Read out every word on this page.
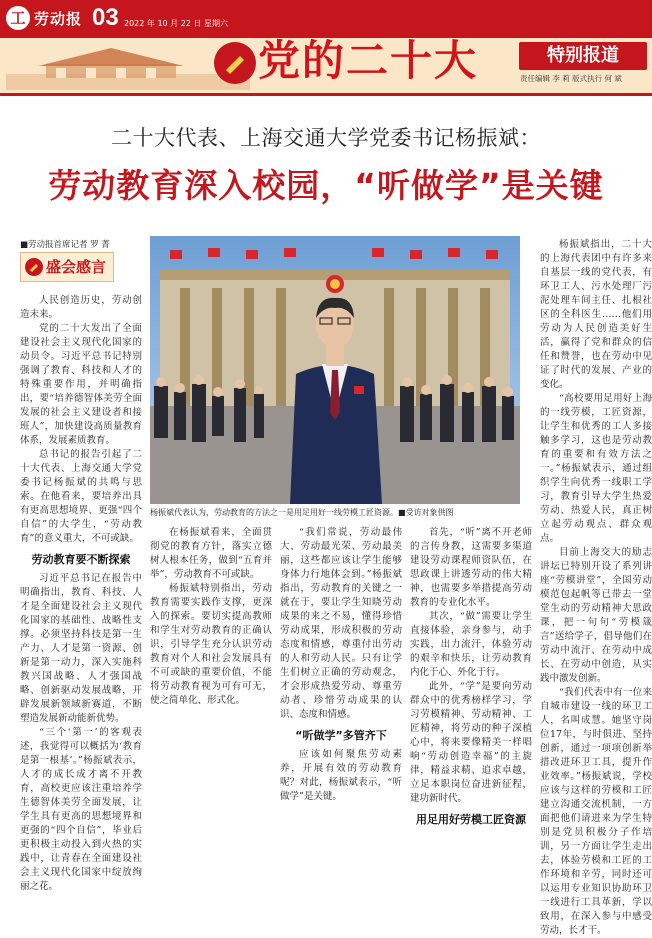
工 劳动报 03 2022 年 10 月 22 日 星期六
党的二十大	特别报道
责任编辑 李 莉 版式执行 何 斌
二十大代表、上海交通大学党委书记杨振斌：
劳动教育深入校园，“听做学”是关键
■劳动报首席记者 罗 菁
盛会感言

人民创造历史，劳动创造未来。

党的二十大发出了全面建设社会主义现代化国家的动员令。习近平总书记特别强调了教育、科技和人才的特殊重要作用，并明确指出，要“培养德智体美劳全面发展的社会主义建设者和接班人”，加快建设高质量教育体系，发展素质教育。

总书记的报告引起了二十大代表、上海交通大学党委书记杨振斌的共鸣与思索。在他看来，要培养出具有更高思想境界、更强“四个自信”的大学生，“劳动教育”的意义重大，不可或缺。

劳动教育要不断探索

习近平总书记在报告中明确指出，教育、科技、人才是全面建设社会主义现代化国家的基础性、战略性支撑。必须坚持科技是第一生产力、人才是第一资源、创新是第一动力，深入实施科教兴国战略、人才强国战略、创新驱动发展战略，开辟发展新领域新赛道，不断塑造发展新动能新优势。

“三个‘第一’的客观表述，我觉得可以概括为‘教育是第一根基’。”杨振斌表示，人才的成长成才离不开教育，高校更应该注重培养学生德智体美劳全面发展，让学生具有更高的思想境界和更强的“四个自信”，毕业后更积极主动投入到火热的实践中，让青春在全面建设社会主义现代化国家中绽放绚丽之花。

杨振斌代表认为，劳动教育的方法之一是用足用好一线劳模工匠资源。■受访对象供图

在杨振斌看来，全面贯彻党的教育方针，落实立德树人根本任务，做到“五育并举”，劳动教育不可或缺。

杨振斌特别指出，劳动教育需要实践作支撑，更深入的探索。要切实提高教师和学生对劳动教育的正确认识，引导学生充分认识劳动教育对个人和社会发展具有不可或缺的重要价值，不能将劳动教育视为可有可无，使之简单化、形式化。

“我们常说，劳动最伟大、劳动最光荣、劳动最美丽，这些都应该让学生能够身体力行地体会到。”杨振斌指出，劳动教育的关键之一就在于，要让学生知晓劳动成果的来之不易，懂得珍惜劳动成果，形成积极的劳动态度和情感，尊重付出劳动的人和劳动人民。只有让学生们树立正确的劳动观念，才会形成热爱劳动、尊重劳动者、珍惜劳动成果的认识、态度和情感。

“听做学”多管齐下

应该如何聚焦劳动素养，开展有效的劳动教育呢？对此，杨振斌表示，“听做学”是关键。

首先，“听”离不开老师的言传身教，这需要多渠道建设劳动课程师资队伍，在思政课上讲透劳动的伟大精神，也需要多举措提高劳动教育的专业化水平。

其次，“做”需要让学生直接体验，亲身参与，动手实践，出力流汗，体验劳动的艰辛和快乐，让劳动教育内化于心、外化于行。

此外，“学”是要向劳动群众中的优秀榜样学习，学习劳模精神、劳动精神、工匠精神，将劳动的种子深植心中，将来要像精美一样唱响“劳动创造幸福”的主旋律，精益求精、追求卓越，立足本职岗位奋进新征程，建功新时代。

用足用好劳模工匠资源

杨振斌指出，二十大的上海代表团中有许多来自基层一线的党代表，有环卫工人、污水处理厂污泥处理车间主任、扎根社区的全科医生……他们用劳动为人民创造美好生活，赢得了党和群众的信任和赞誉，也在劳动中见证了时代的发展、产业的变化。

“高校要用足用好上海的一线劳模，工匠资源，让学生和优秀的工人多接触多学习，这也是劳动教育的重要和有效方法之一。”杨振斌表示，通过组织学生向优秀一线职工学习，教育引导大学生热爱劳动、热爱人民，真正树立起劳动观点、群众观点。

目前上海交大的励志讲坛已特别开设了系列讲座“劳模讲堂”，全国劳动模范包起帆等已带去一堂堂生动的劳动精神大思政课，把一句句“劳模箴言”送给学子，倡导他们在劳动中流汗、在劳动中成长、在劳动中创造，从实践中激发创新。

“我们代表中有一位来自城市建设一线的环卫工人，名叫成慧。她坚守岗位17年，与时俱进、坚持创新，通过一项项创新举措改进环卫工具，提升作业效率。”杨振斌说，学校应该与这样的劳模和工匠建立沟通交流机制，一方面把他们请进来为学生特别是党员积极分子作培训，另一方面让学生走出去，体验劳模和工匠的工作环境和辛劳，同时还可以运用专业知识协助环卫一线进行工具革新，学以致用，在深入参与中感受劳动，长才干。
